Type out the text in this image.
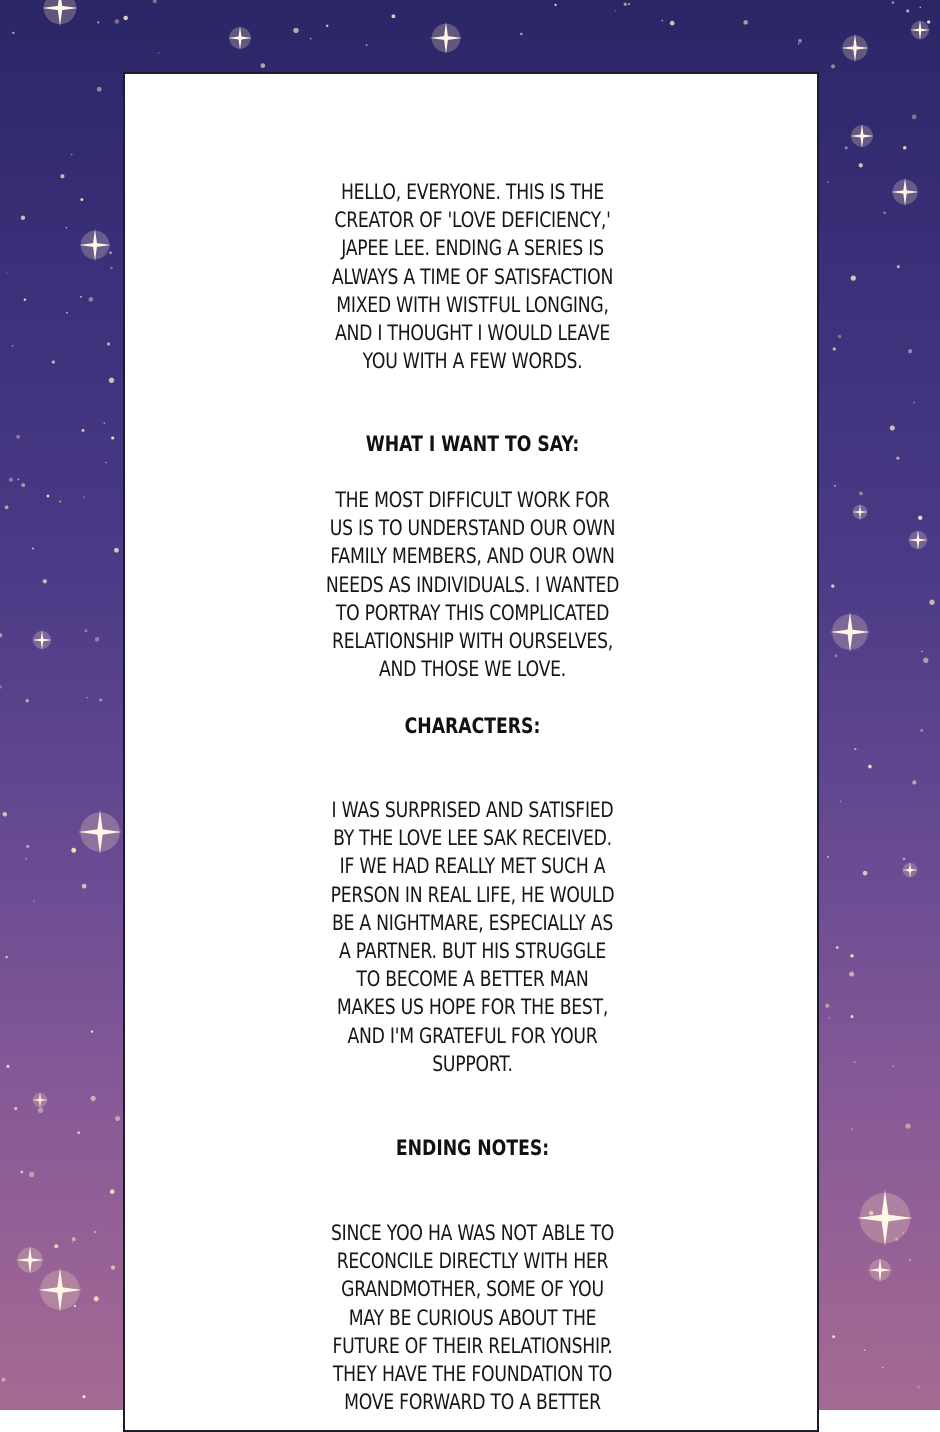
HELLO, EVERYONE. THIS IS THE
CREATOR OF 'LOVE DEFICIENCY,'
JAPEE LEE. ENDING A SERIES IS
ALWAYS A TIME OF SATISFACTION
MIXED WITH WISTFUL LONGING,
AND I THOUGHT I WOULD LEAVE
YOU WITH A FEW WORDS.
WHAT I WANT TO SAY:
THE MOST DIFFICULT WORK FOR
US IS TO UNDERSTAND OUR OWN
FAMILY MEMBERS, AND OUR OWN
NEEDS AS INDIVIDUALS. I WANTED
TO PORTRAY THIS COMPLICATED
RELATIONSHIP WITH OURSELVES,
AND THOSE WE LOVE.
CHARACTERS:
I WAS SURPRISED AND SATISFIED
BY THE LOVE LEE SAK RECEIVED.
IF WE HAD REALLY MET SUCH A
PERSON IN REAL LIFE, HE WOULD
BE A NIGHTMARE, ESPECIALLY AS
A PARTNER. BUT HIS STRUGGLE
TO BECOME A BETTER MAN
MAKES US HOPE FOR THE BEST,
AND I'M GRATEFUL FOR YOUR
SUPPORT.
ENDING NOTES:
SINCE YOO HA WAS NOT ABLE TO
RECONCILE DIRECTLY WITH HER
GRANDMOTHER, SOME OF YOU
MAY BE CURIOUS ABOUT THE
FUTURE OF THEIR RELATIONSHIP.
THEY HAVE THE FOUNDATION TO
MOVE FORWARD TO A BETTER
